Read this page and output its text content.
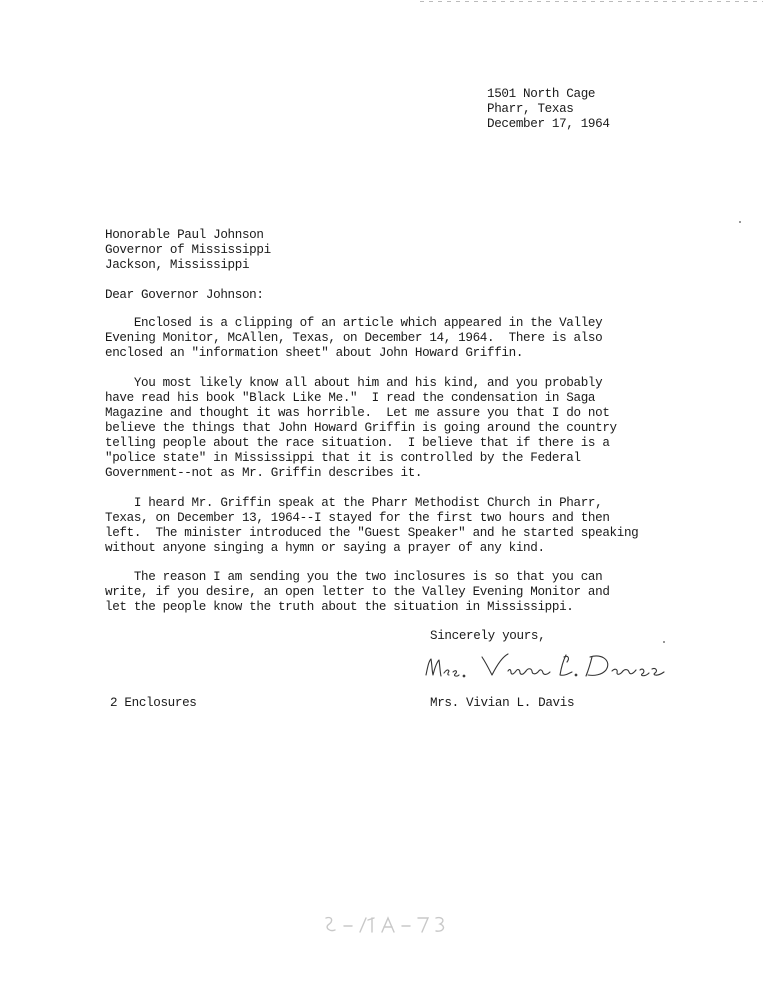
1501 North Cage
Pharr, Texas
December 17, 1964
Honorable Paul Johnson
Governor of Mississippi
Jackson, Mississippi
Dear Governor Johnson:
Enclosed is a clipping of an article which appeared in the Valley
Evening Monitor, McAllen, Texas, on December 14, 1964.  There is also
enclosed an "information sheet" about John Howard Griffin.
You most likely know all about him and his kind, and you probably
have read his book "Black Like Me."  I read the condensation in Saga
Magazine and thought it was horrible.  Let me assure you that I do not
believe the things that John Howard Griffin is going around the country
telling people about the race situation.  I believe that if there is a
"police state" in Mississippi that it is controlled by the Federal
Government--not as Mr. Griffin describes it.
I heard Mr. Griffin speak at the Pharr Methodist Church in Pharr,
Texas, on December 13, 1964--I stayed for the first two hours and then
left.  The minister introduced the "Guest Speaker" and he started speaking
without anyone singing a hymn or saying a prayer of any kind.
The reason I am sending you the two inclosures is so that you can
write, if you desire, an open letter to the Valley Evening Monitor and
let the people know the truth about the situation in Mississippi.
Sincerely yours,
Mrs. Vivian L. Davis
2 Enclosures
